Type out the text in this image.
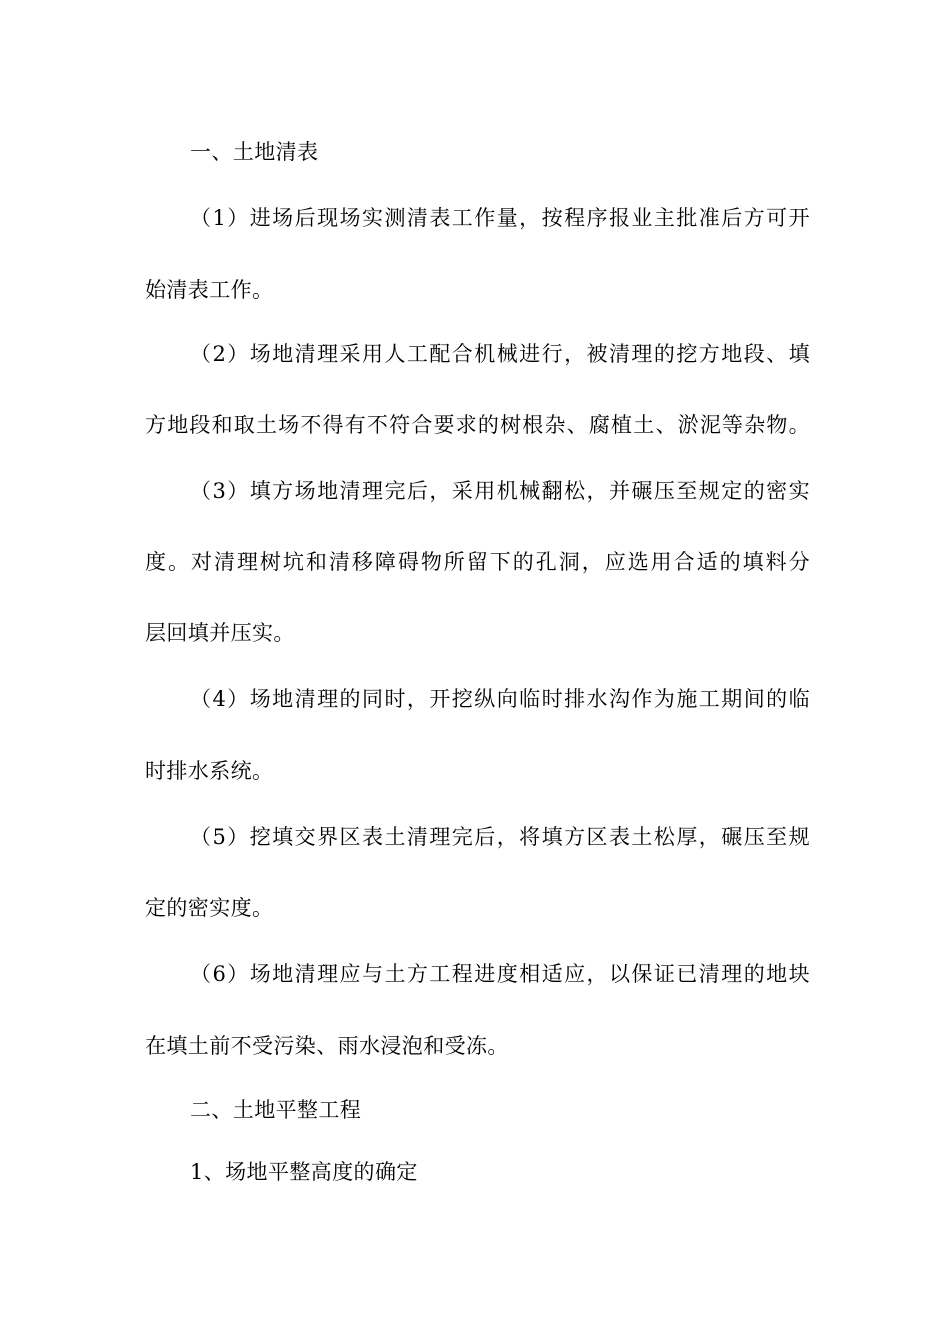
一、土地清表
（1）进场后现场实测清表工作量，按程序报业主批准后方可开
始清表工作。
（2）场地清理采用人工配合机械进行，被清理的挖方地段、填
方地段和取土场不得有不符合要求的树根杂、腐植土、淤泥等杂物。
（3）填方场地清理完后，采用机械翻松，并碾压至规定的密实
度。对清理树坑和清移障碍物所留下的孔洞，应选用合适的填料分
层回填并压实。
（4）场地清理的同时，开挖纵向临时排水沟作为施工期间的临
时排水系统。
（5）挖填交界区表土清理完后，将填方区表土松厚，碾压至规
定的密实度。
（6）场地清理应与土方工程进度相适应，以保证已清理的地块
在填土前不受污染、雨水浸泡和受冻。
二、土地平整工程
1、场地平整高度的确定
